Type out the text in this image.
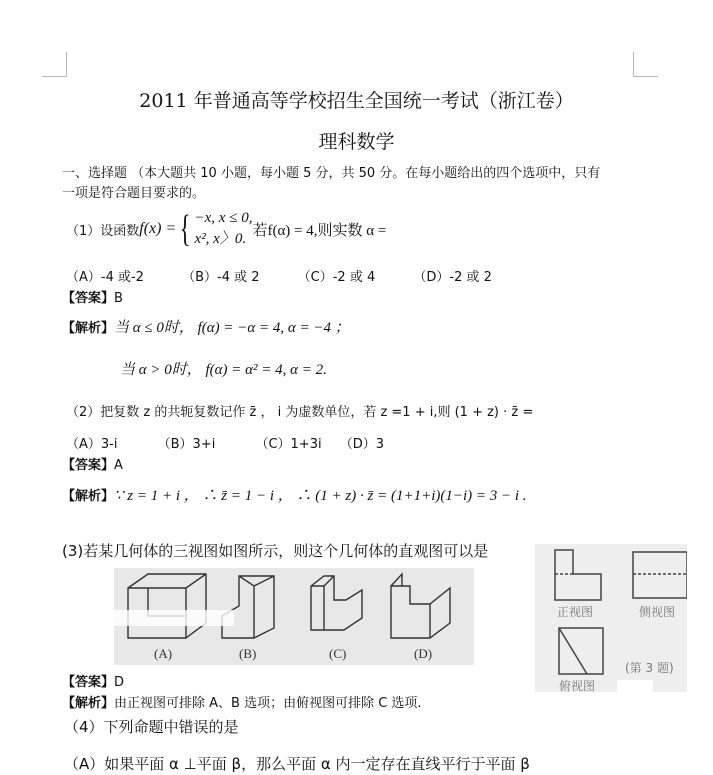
2011 年普通高等学校招生全国统一考试（浙江卷）
理科数学
一、选择题 （本大题共 10 小题，每小题 5 分，共 50 分。在每小题给出的四个选项中，只有
一项是符合题目要求的。
（1）设函数 f(x) = { −x, x ≤ 0,
x², x〉0.
若f(α) = 4,则实数 α =
（A）-4 或-2	（B）-4 或 2	（C）-2 或 4	（D）-2 或 2
【答案】B
【解析】当 α ≤ 0时， f(α) = −α = 4, α = −4 ；
当 α > 0时， f(α) = α² = 4, α = 2.
（2）把复数 z 的共轭复数记作 z̄ ， i 为虚数单位，若 z =1 + i,则 (1 + z) · z̄ =
（A）3-i	（B）3+i	（C）1+3i （D）3
【答案】A
【解析】∵ z = 1 + i ， ∴ z̄ = 1 − i ， ∴ (1 + z) · z̄ = (1+1+i)(1−i) = 3 − i .
(3)若某几何体的三视图如图所示，则这个几何体的直观图可以是
(A)	(B)	(C)	(D)
正视图	侧视图
俯视图
(第 3 题)
【答案】D
【解析】由正视图可排除 A、B 选项；由俯视图可排除 C 选项.
（4）下列命题中错误的是
（A）如果平面 α ⊥平面 β，那么平面 α 内一定存在直线平行于平面 β
